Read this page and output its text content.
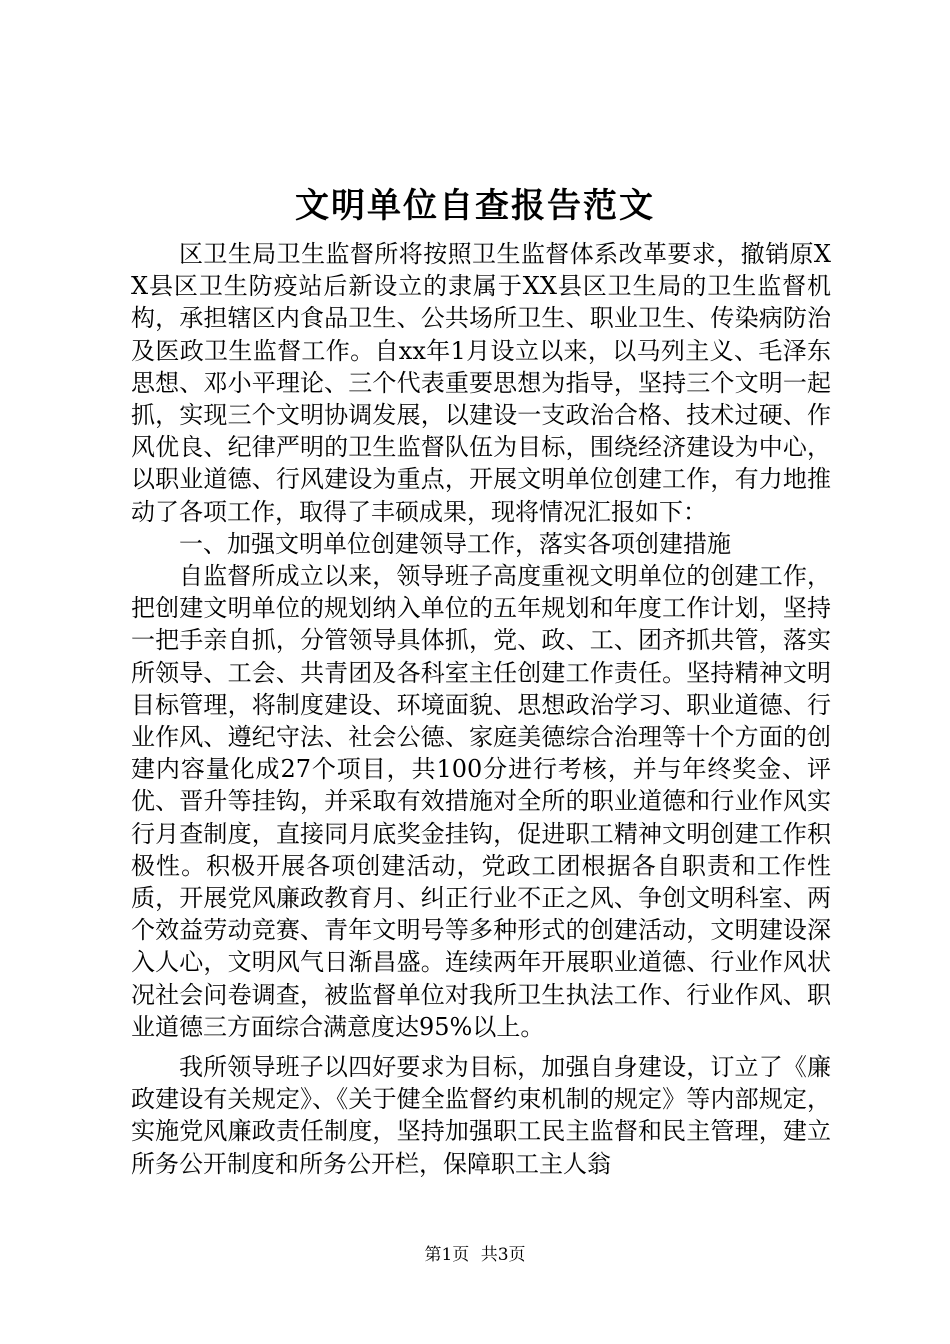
文明单位自查报告范文

区卫生局卫生监督所将按照卫生监督体系改革要求，撤销原XX县区卫生防疫站后新设立的隶属于XX县区卫生局的卫生监督机构，承担辖区内食品卫生、公共场所卫生、职业卫生、传染病防治及医政卫生监督工作。自xx年1月设立以来，以马列主义、毛泽东思想、邓小平理论、三个代表重要思想为指导，坚持三个文明一起抓，实现三个文明协调发展，以建设一支政治合格、技术过硬、作风优良、纪律严明的卫生监督队伍为目标，围绕经济建设为中心，以职业道德、行风建设为重点，开展文明单位创建工作，有力地推动了各项工作，取得了丰硕成果，现将情况汇报如下：

一、加强文明单位创建领导工作，落实各项创建措施

自监督所成立以来，领导班子高度重视文明单位的创建工作，把创建文明单位的规划纳入单位的五年规划和年度工作计划，坚持一把手亲自抓，分管领导具体抓，党、政、工、团齐抓共管，落实所领导、工会、共青团及各科室主任创建工作责任。坚持精神文明目标管理，将制度建设、环境面貌、思想政治学习、职业道德、行业作风、遵纪守法、社会公德、家庭美德综合治理等十个方面的创建内容量化成27个项目，共100分进行考核，并与年终奖金、评优、晋升等挂钩，并采取有效措施对全所的职业道德和行业作风实行月查制度，直接同月底奖金挂钩，促进职工精神文明创建工作积极性。积极开展各项创建活动，党政工团根据各自职责和工作性质，开展党风廉政教育月、纠正行业不正之风、争创文明科室、两个效益劳动竞赛、青年文明号等多种形式的创建活动，文明建设深入人心，文明风气日渐昌盛。连续两年开展职业道德、行业作风状况社会问卷调查，被监督单位对我所卫生执法工作、行业作风、职业道德三方面综合满意度达95%以上。

我所领导班子以四好要求为目标，加强自身建设，订立了《廉政建设有关规定》、《关于健全监督约束机制的规定》等内部规定，实施党风廉政责任制度，坚持加强职工民主监督和民主管理，建立所务公开制度和所务公开栏，保障职工主人翁

第1页 共3页
